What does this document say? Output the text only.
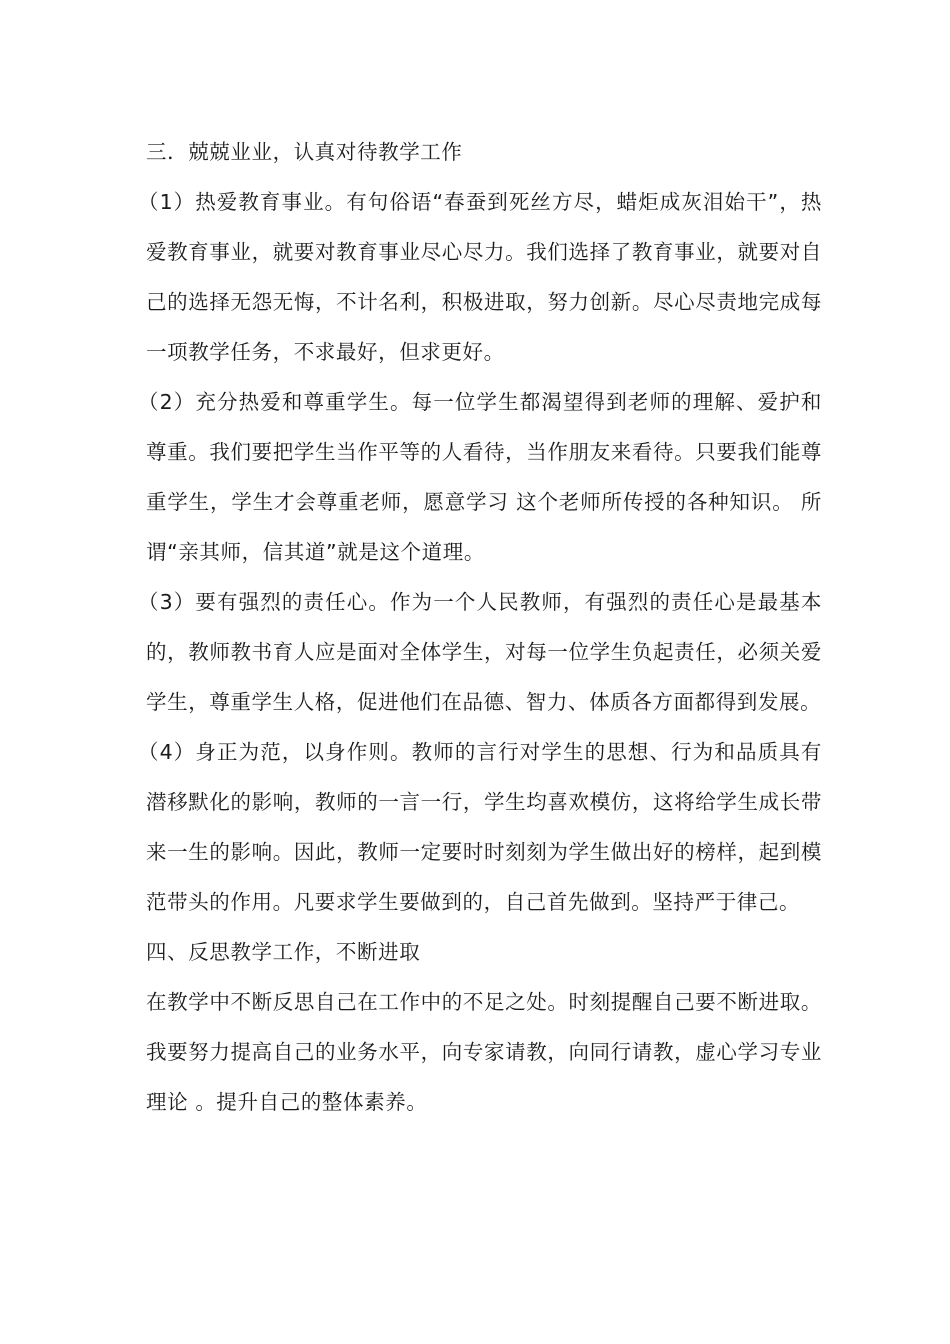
三．兢兢业业，认真对待教学工作

（1）热爱教育事业。有句俗语“春蚕到死丝方尽，蜡炬成灰泪始干”，热爱教育事业，就要对教育事业尽心尽力。我们选择了教育事业，就要对自己的选择无怨无悔，不计名利，积极进取，努力创新。尽心尽责地完成每一项教学任务，不求最好，但求更好。

（2）充分热爱和尊重学生。每一位学生都渴望得到老师的理解、爱护和尊重。我们要把学生当作平等的人看待，当作朋友来看待。只要我们能尊重学生，学生才会尊重老师，愿意学习 这个老师所传授的各种知识。 所谓“亲其师，信其道”就是这个道理。

（3）要有强烈的责任心。作为一个人民教师，有强烈的责任心是最基本的，教师教书育人应是面对全体学生，对每一位学生负起责任，必须关爱学生，尊重学生人格，促进他们在品德、智力、体质各方面都得到发展。

（4）身正为范，以身作则。教师的言行对学生的思想、行为和品质具有潜移默化的影响，教师的一言一行，学生均喜欢模仿，这将给学生成长带来一生的影响。因此，教师一定要时时刻刻为学生做出好的榜样，起到模范带头的作用。凡要求学生要做到的，自己首先做到。坚持严于律己。

四、反思教学工作，不断进取

在教学中不断反思自己在工作中的不足之处。时刻提醒自己要不断进取。我要努力提高自己的业务水平，向专家请教，向同行请教，虚心学习专业理论 。提升自己的整体素养。
